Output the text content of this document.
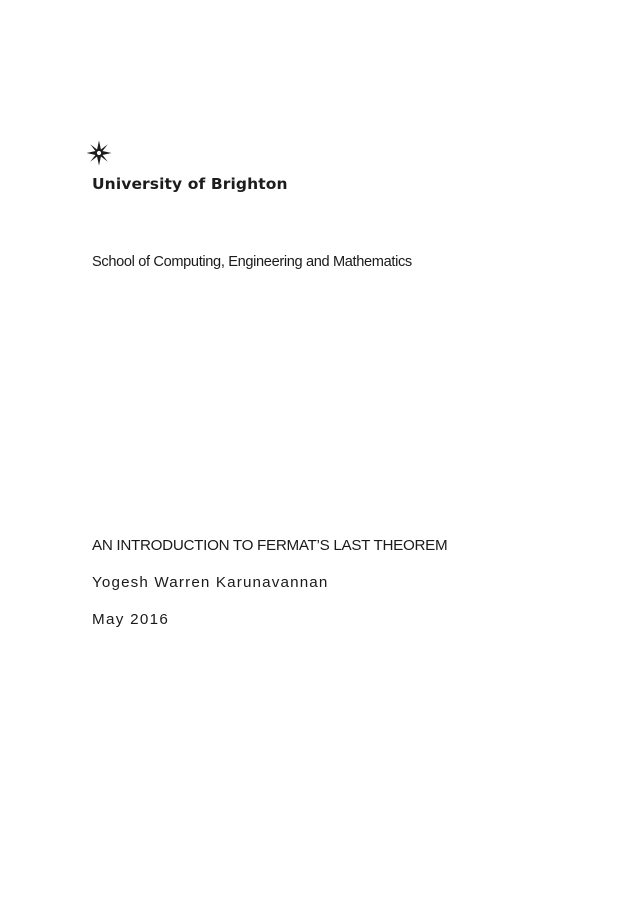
University of Brighton
School of Computing, Engineering and Mathematics
AN INTRODUCTION TO FERMAT’S LAST THEOREM
Yogesh Warren Karunavannan
May 2016
